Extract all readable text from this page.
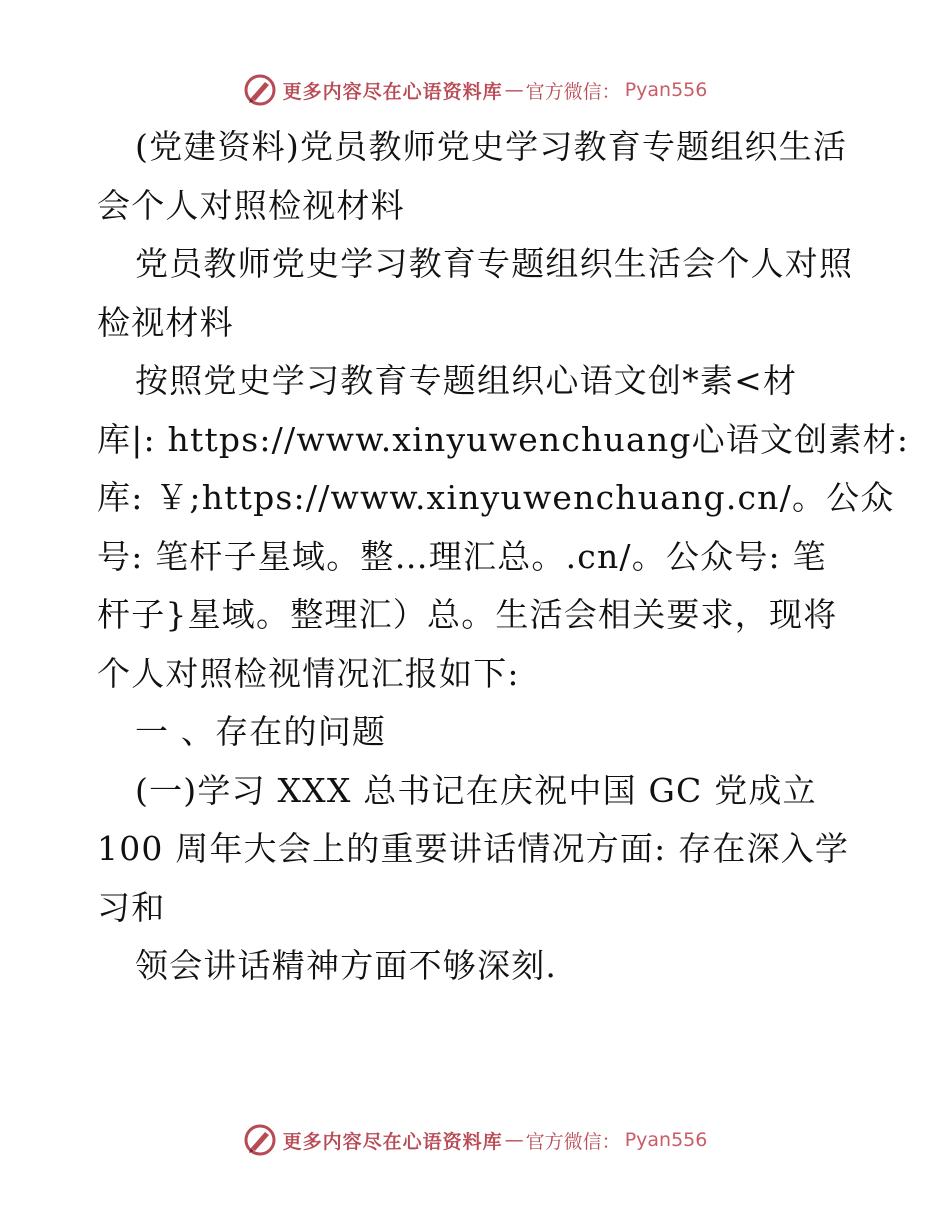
更多内容尽在心语资料库 — 官方微信： Pyan556
(党建资料)党员教师党史学习教育专题组织生活
会个人对照检视材料
党员教师党史学习教育专题组织生活会个人对照
检视材料
按照党史学习教育专题组织心语文创*素<材
库|: https://www.xinyuwenchuang心语文创素材:
库: ￥;https://www.xinyuwenchuang.cn/。公众
号: 笔杆子星域。整…理汇总。.cn/。公众号: 笔
杆子}星域。整理汇）总。生活会相关要求，现将
个人对照检视情况汇报如下:
一 、存在的问题
(一)学习 XXX 总书记在庆祝中国 GC 党成立
100 周年大会上的重要讲话情况方面: 存在深入学
习和
领会讲话精神方面不够深刻.
更多内容尽在心语资料库 — 官方微信： Pyan556
